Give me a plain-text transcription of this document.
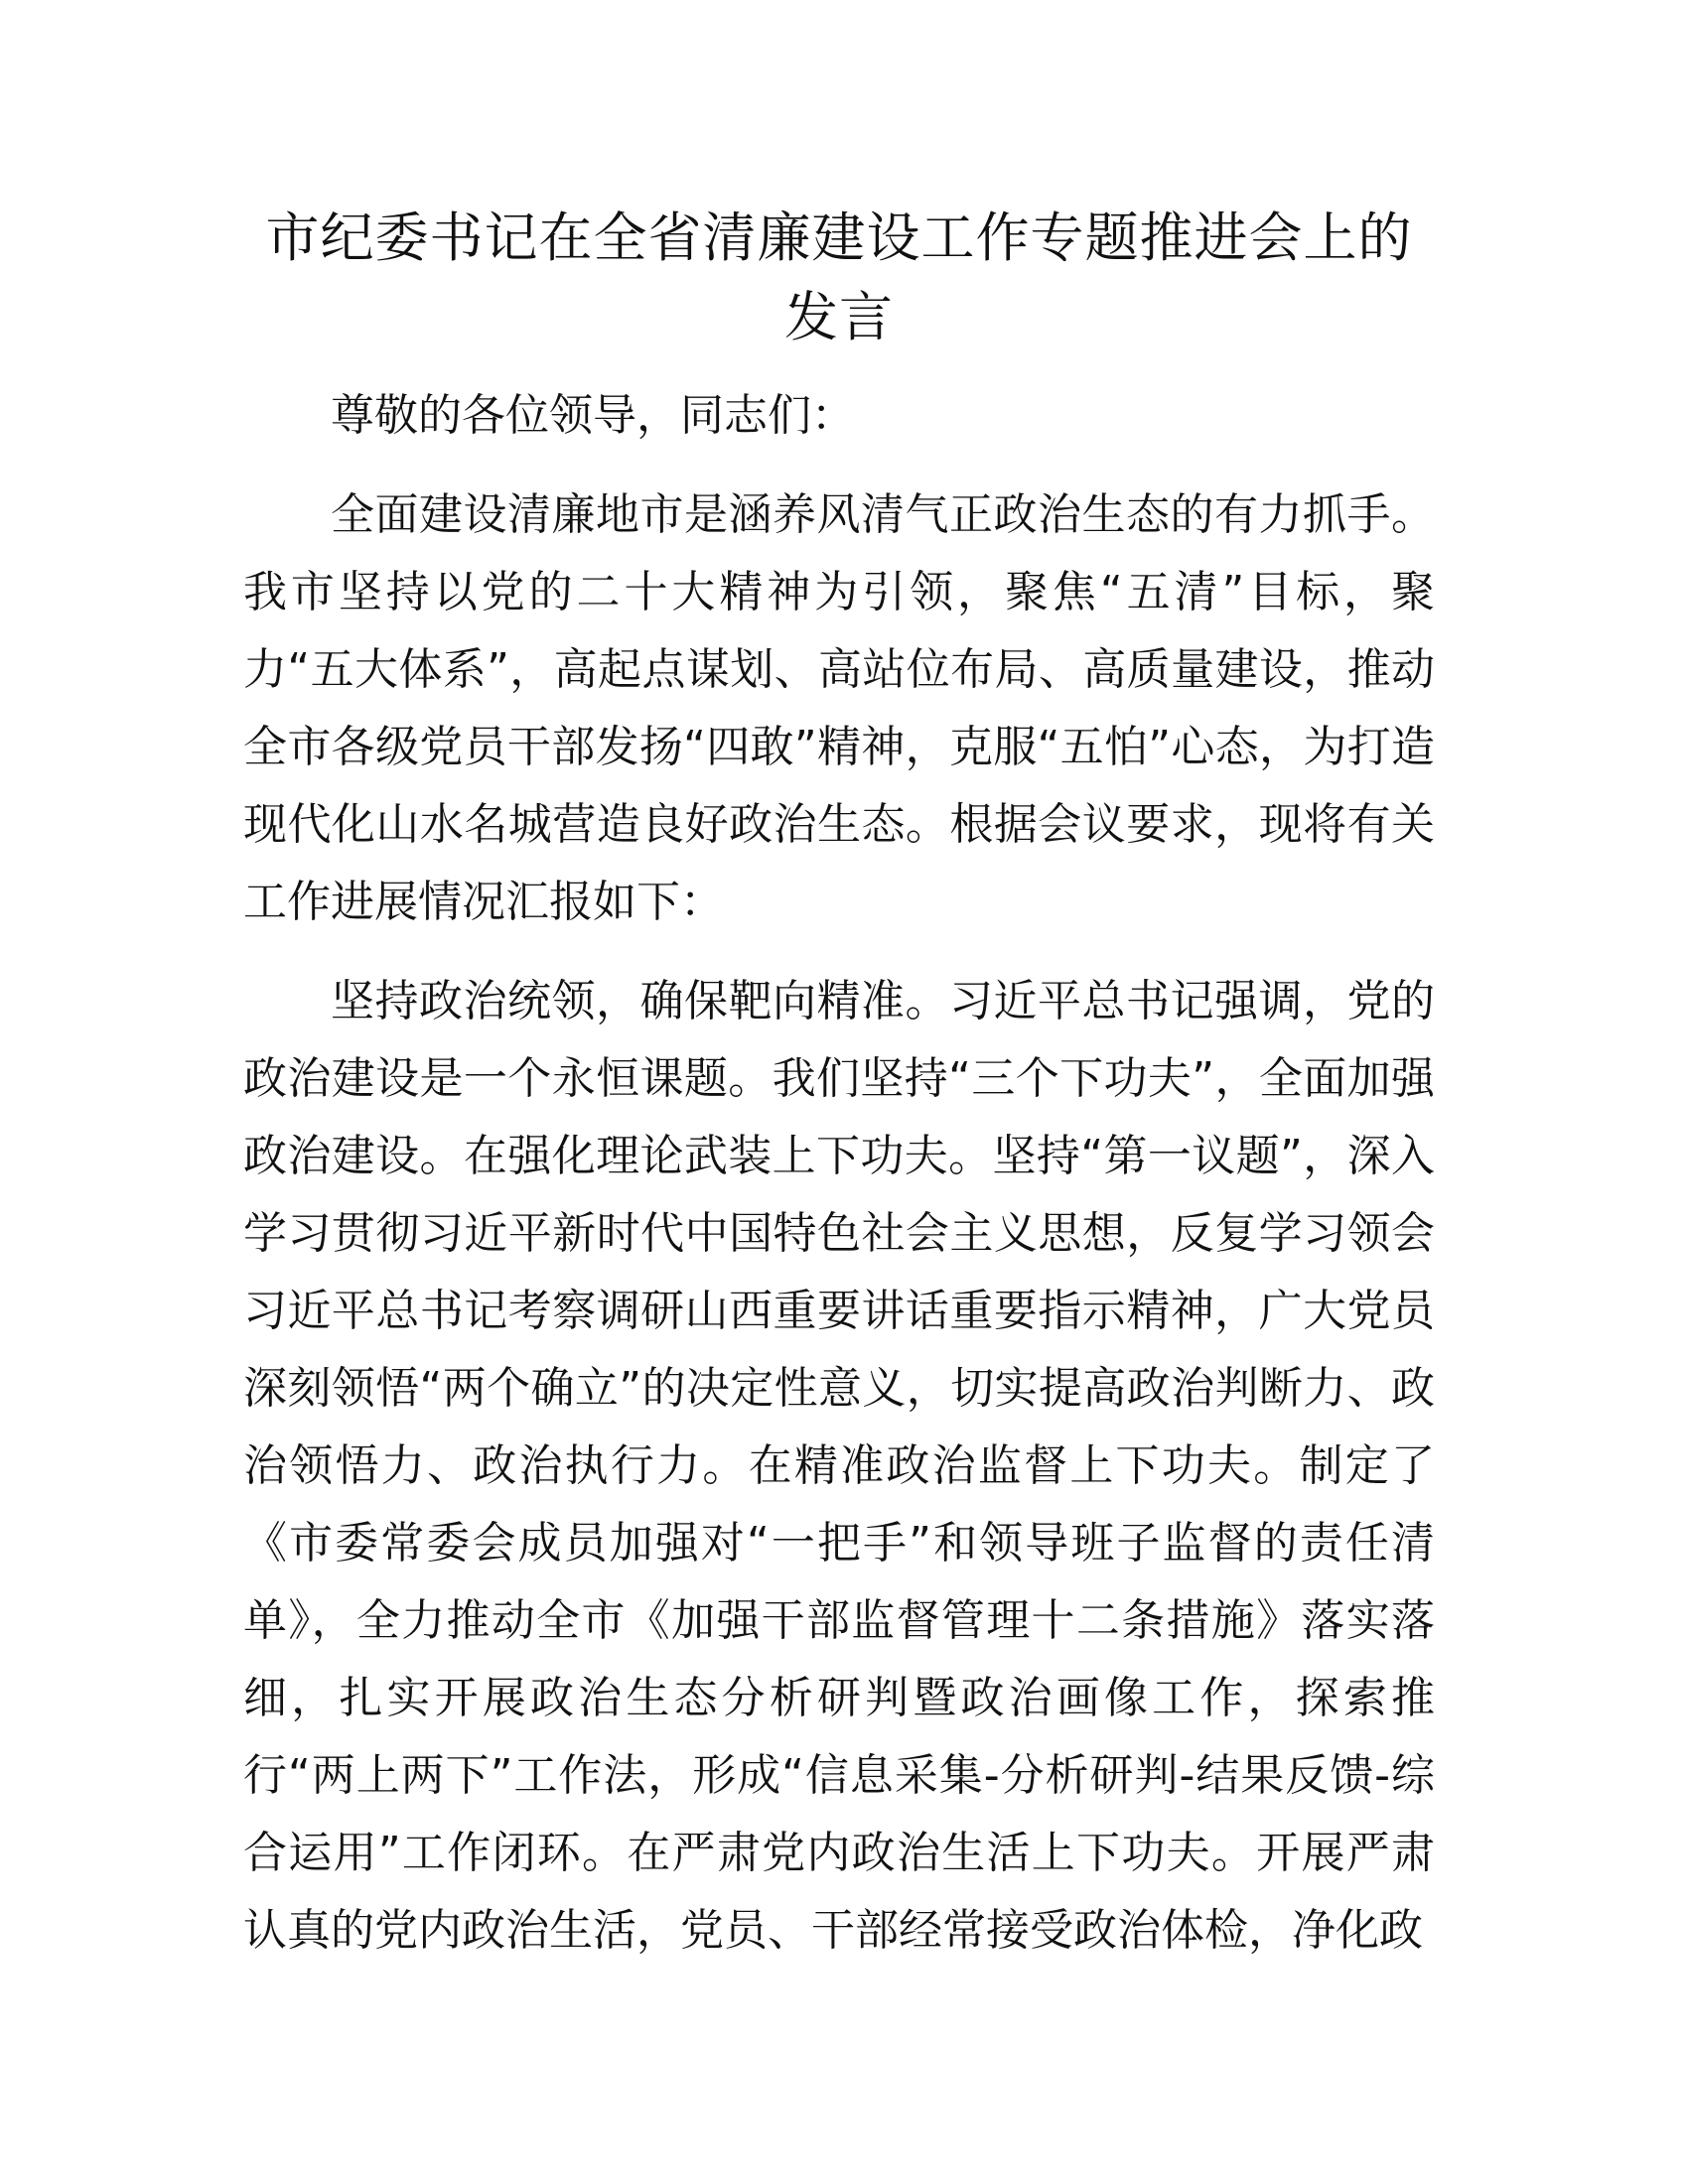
市纪委书记在全省清廉建设工作专题推进会上的发言

尊敬的各位领导，同志们：

全面建设清廉地市是涵养风清气正政治生态的有力抓手。我市坚持以党的二十大精神为引领，聚焦“五清”目标，聚力“五大体系”，高起点谋划、高站位布局、高质量建设，推动全市各级党员干部发扬“四敢”精神，克服“五怕”心态，为打造现代化山水名城营造良好政治生态。根据会议要求，现将有关工作进展情况汇报如下：

坚持政治统领，确保靶向精准。习近平总书记强调，党的政治建设是一个永恒课题。我们坚持“三个下功夫”，全面加强政治建设。在强化理论武装上下功夫。坚持“第一议题”，深入学习贯彻习近平新时代中国特色社会主义思想，反复学习领会习近平总书记考察调研山西重要讲话重要指示精神，广大党员深刻领悟“两个确立”的决定性意义，切实提高政治判断力、政治领悟力、政治执行力。在精准政治监督上下功夫。制定了《市委常委会成员加强对“一把手”和领导班子监督的责任清单》，全力推动全市《加强干部监督管理十二条措施》落实落细，扎实开展政治生态分析研判暨政治画像工作，探索推行“两上两下”工作法，形成“信息采集-分析研判-结果反馈-综合运用”工作闭环。在严肃党内政治生活上下功夫。开展严肃认真的党内政治生活，党员、干部经常接受政治体检，净化政
